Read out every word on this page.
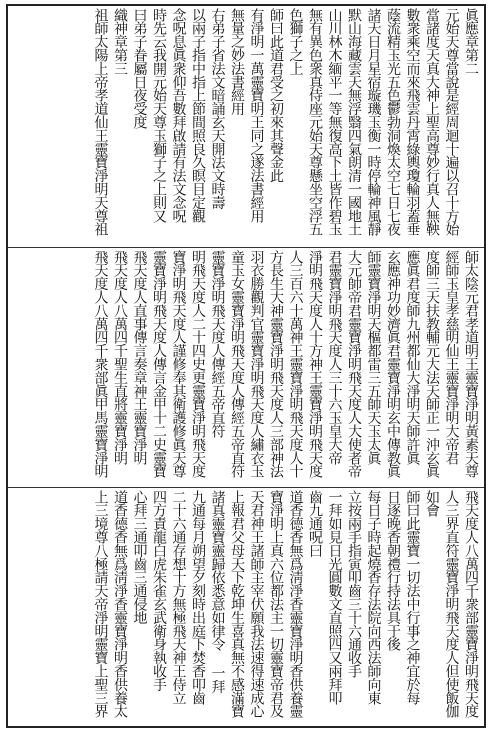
眞應章第二
元始天尊當說是經周迴十遍以召十方始
當諸度天真大神上聖高尊妙行真人無鞅
數衆乘空而來飛雲丹霄綠輿瓊輪羽蓋垂
蔭流精玉光五色鬱勃洞煥太空七日七夜
諸天日月星宿璇璣玉衡一時停輪神風靜
默山海藏雲天無浮翳四氣朗清一國地土
山川林木緬平一等無復高下土皆作碧玉
無有異色衆真侍座元始天尊懸坐空浮五
色獅子之上
師曰此道君受之初來其聲金此
有淨明一萬靈寶明王同之遂法書經用
無量之妙法書經用
右弟子省法文暗誦玄天開法文時壽
以兩子指中指上節間照良久瞑目定觀
念呪息眞衆仰吾數拜啟請有法文念呪
時先云我開元始天尊玉獅子之上則又
曰弟子眷屬日夜受度
織神章第三
祖師太陽上帝孝道仙王靈寶淨明天尊祖
師太陰元君孝道明王靈寶淨明黃素天尊
經師玉皇孝慈明仙王靈寶淨明大帝君
度師三天扶教輔元大法天師正一沖玄眞
應眞君度師九州都仙大淨明天師許眞
玄應神功妙濟眞君靈寶淨明玄中傳教眞
師靈寶淨明天樞都雷三五帥天玉太眞
大元帥帝君靈寶淨明飛天度人大使者帝
君靈寶淨明飛天度人三十六玉皇大帝
淨明飛天度人十方神王靈寶淨明飛天度
人三百六十萬神王靈寶淨明飛天度人十
方長生大神靈寶淨明飛天度人三部神法
羽衣勝觀判官靈寶淨明飛天度人繡衣玉
童玉女靈寶淨明飛天度人傳經五帝直符
靈寶淨明飛天度人傳經五帝直符
明飛天度人二十四史更靈寶淨明飛天度
寶淨明飛天度人謹修奉其衛護修眞天尊
靈寶淨明飛天度人傳言金甲十二史靈寶
飛天度人直事傳言奏章神王靈寶淨明
飛天度人八萬四千聖生直將靈寶淨明
飛天度人八萬四千衆部眞甲馬靈寶淨明
飛天度人八萬四千衆部靈寶淨明飛天度
人三界直符靈寶淨明飛天度人但使飯伽
如會
師曰此靈寶一切法中行事之神宜於每
日逐晚香朝禮行持法具于後
每日子時起燒香存法院向西法師向東
立按兩手指寅叩齒三十六通收手
一拜如見日光圓數文直照四又兩拜叩
齒九通呪曰
道香德香無爲淸淨香靈寶淨明香供養靈
寶淨明上真六位都法主一切靈寶帝君及
天君神王諸師主宰伏願我法速得速成心
上報君父母天下乾坤生喜真無不感滿寶
諸真靈寶靈歸依悉意如律令 一拜
九通每月朔望夕刻時出庭下焚香叩齒
二十六通存想十方無極飛天神王侍立
四方責龍白虎朱雀玄武衛身執收手
心拜三通叩齒三通侵地
道香德香無爲淸淨香靈寶淨明香供養太
上三境尊八極請天帝淨明靈寶上聖三界
